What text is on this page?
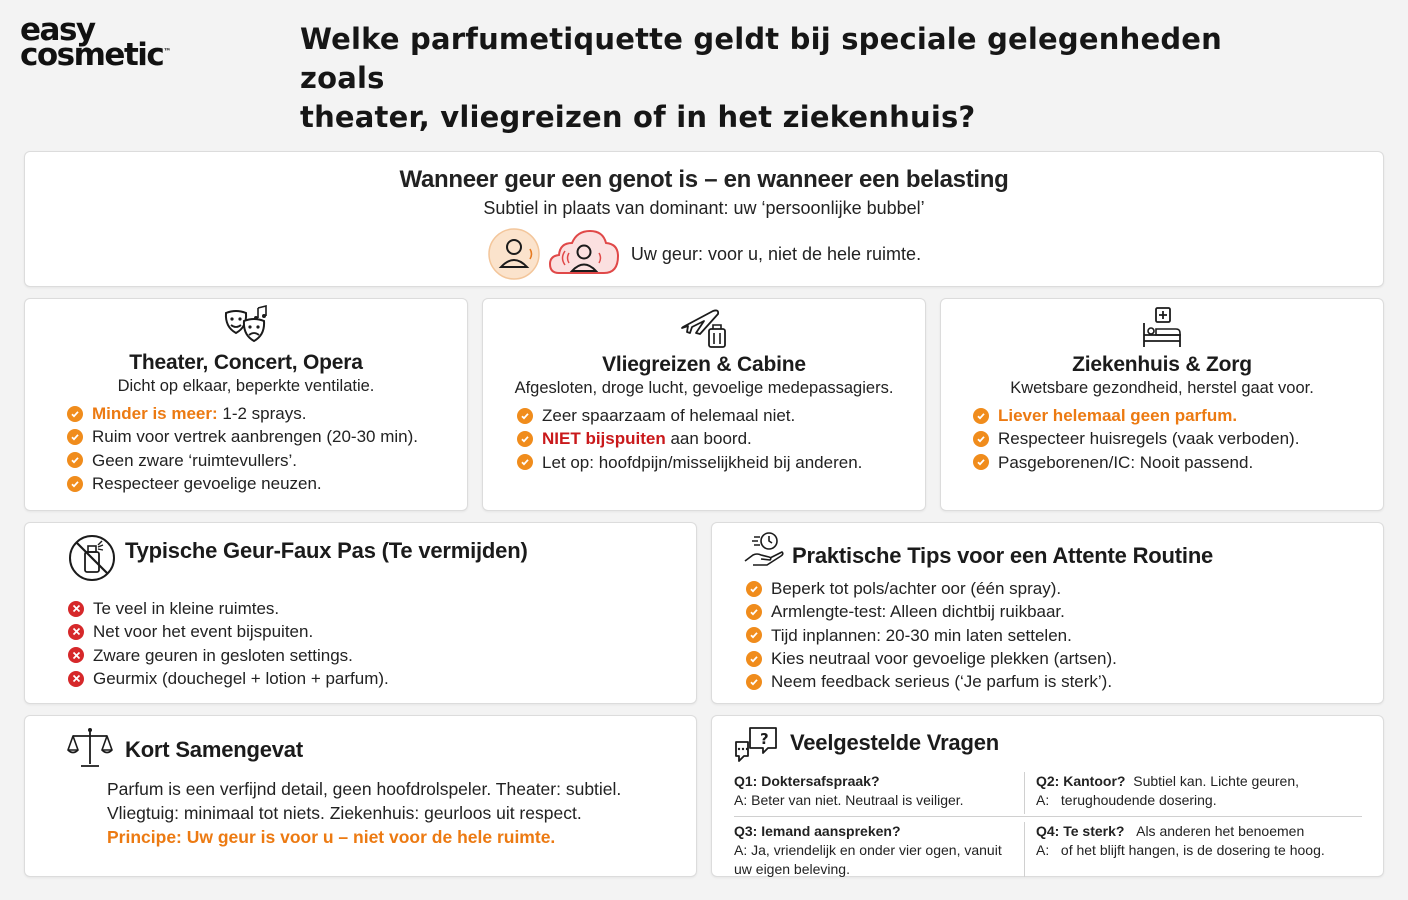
easy
cosmetic™	Welke parfumetiquette geldt bij speciale gelegenheden zoals
theater, vliegreizen of in het ziekenhuis?
Wanneer geur een genot is – en wanneer een belasting
Subtiel in plaats van dominant: uw ‘persoonlijke bubbel’
Uw geur: voor u, niet de hele ruimte.
Theater, Concert, Opera
Dicht op elkaar, beperkte ventilatie.
Minder is meer: 1-2 sprays.
Ruim voor vertrek aanbrengen (20-30 min).
Geen zware ‘ruimtevullers’.
Respecteer gevoelige neuzen.
Vliegreizen & Cabine
Afgesloten, droge lucht, gevoelige medepassagiers.
Zeer spaarzaam of helemaal niet.
NIET bijspuiten aan boord.
Let op: hoofdpijn/misselijkheid bij anderen.
Ziekenhuis & Zorg
Kwetsbare gezondheid, herstel gaat voor.
Liever helemaal geen parfum.
Respecteer huisregels (vaak verboden).
Pasgeborenen/IC: Nooit passend.
Typische Geur-Faux Pas (Te vermijden)
Te veel in kleine ruimtes.
Net voor het event bijspuiten.
Zware geuren in gesloten settings.
Geurmix (douchegel + lotion + parfum).
Praktische Tips voor een Attente Routine
Beperk tot pols/achter oor (één spray).
Armlengte-test: Alleen dichtbij ruikbaar.
Tijd inplannen: 20-30 min laten settelen.
Kies neutraal voor gevoelige plekken (artsen).
Neem feedback serieus (‘Je parfum is sterk’).
Kort Samengevat
Parfum is een verfijnd detail, geen hoofdrolspeler. Theater: subtiel.
Vliegtuig: minimaal tot niets. Ziekenhuis: geurloos uit respect.
Principe: Uw geur is voor u – niet voor de hele ruimte.
? Veelgestelde Vragen
Q1: Doktersafspraak?
A: Beter van niet. Neutraal is veiliger.
Q2: Kantoor? Subtiel kan. Lichte geuren,
A: terughoudende dosering.
Q3: Iemand aanspreken?
A: Ja, vriendelijk en onder vier ogen, vanuit uw eigen beleving.
Q4: Te sterk? Als anderen het benoemen
A: of het blijft hangen, is de dosering te hoog.
